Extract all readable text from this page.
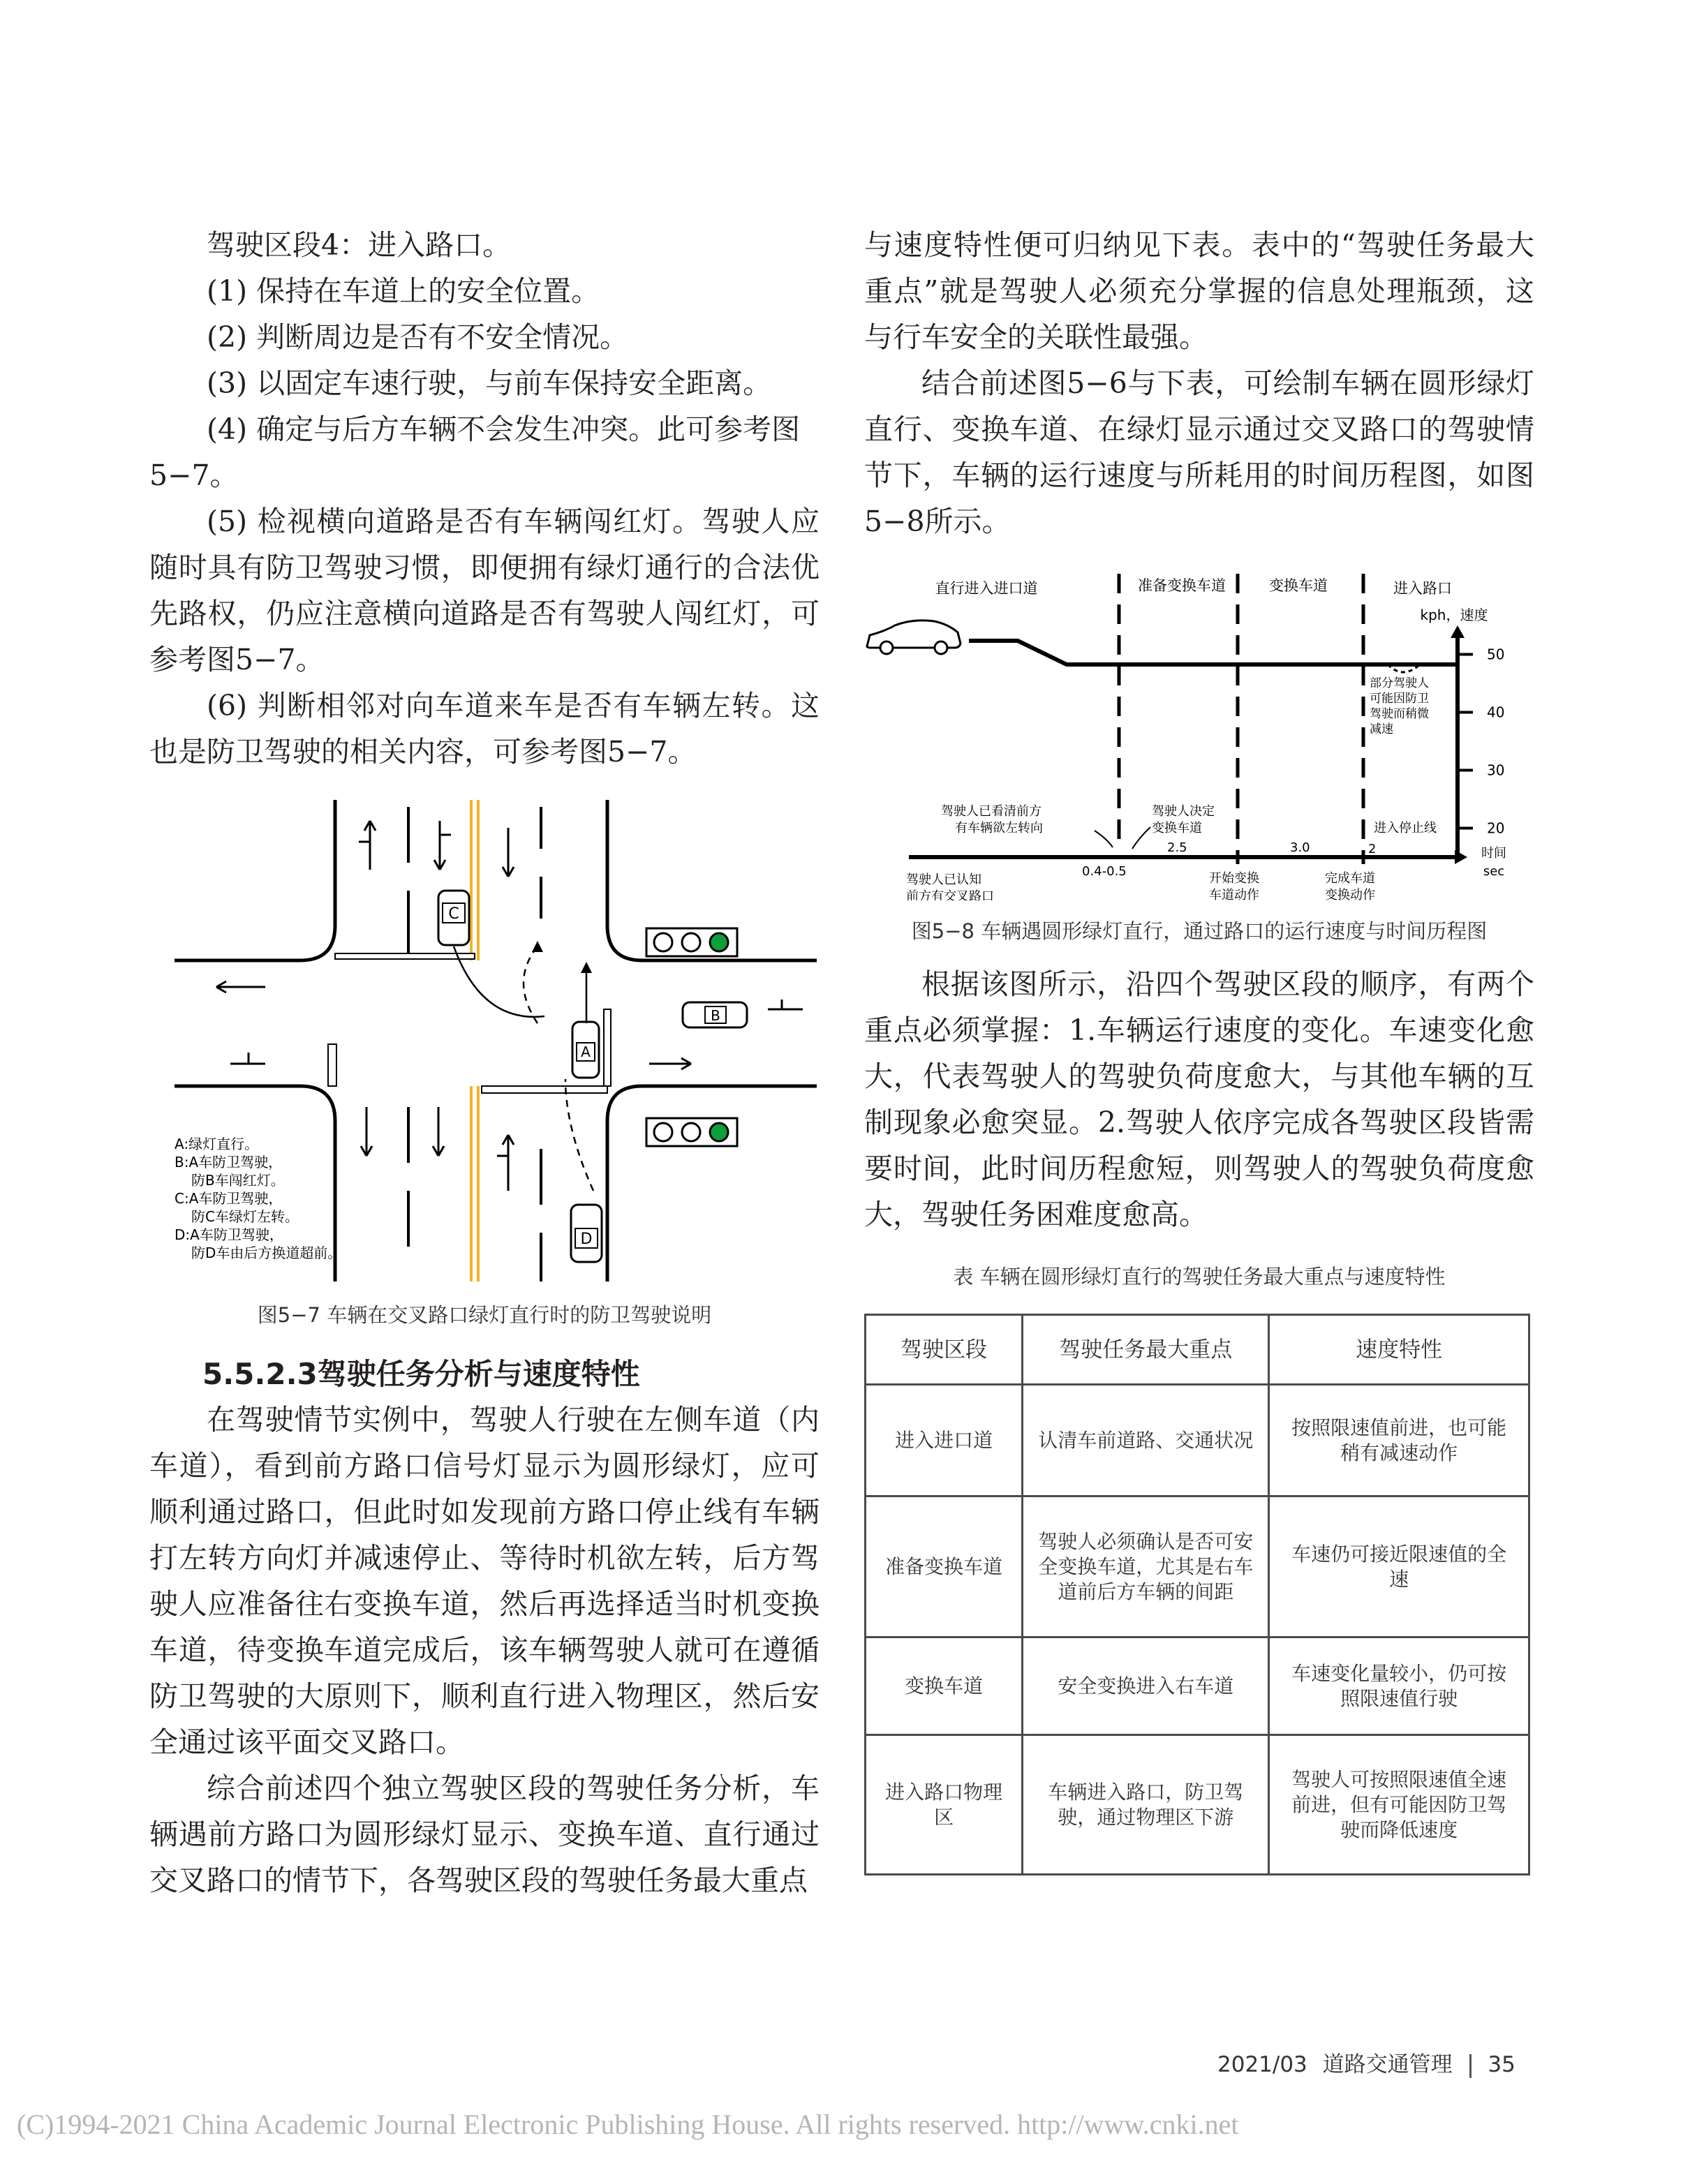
驾驶区段4：进入路口。
(1) 保持在车道上的安全位置。
(2) 判断周边是否有不安全情况。
(3) 以固定车速行驶，与前车保持安全距离。
(4) 确定与后方车辆不会发生冲突。此可参考图
5−7。
(5) 检视横向道路是否有车辆闯红灯。驾驶人应随时具有防卫驾驶习惯，即便拥有绿灯通行的合法优先路权，仍应注意横向道路是否有驾驶人闯红灯，可参考图5−7。
(6) 判断相邻对向车道来车是否有车辆左转。这也是防卫驾驶的相关内容，可参考图5−7。
C
B
A
D
A:绿灯直行。
B:A车防卫驾驶，
防B车闯红灯。
C:A车防卫驾驶，
防C车绿灯左转。
D:A车防卫驾驶，
防D车由后方换道超前。
图5−7 车辆在交叉路口绿灯直行时的防卫驾驶说明
5.5.2.3驾驶任务分析与速度特性
在驾驶情节实例中，驾驶人行驶在左侧车道（内车道），看到前方路口信号灯显示为圆形绿灯，应可顺利通过路口，但此时如发现前方路口停止线有车辆打左转方向灯并减速停止、等待时机欲左转，后方驾驶人应准备往右变换车道，然后再选择适当时机变换车道，待变换车道完成后，该车辆驾驶人就可在遵循防卫驾驶的大原则下，顺利直行进入物理区，然后安全通过该平面交叉路口。
综合前述四个独立驾驶区段的驾驶任务分析，车辆遇前方路口为圆形绿灯显示、变换车道、直行通过交叉路口的情节下，各驾驶区段的驾驶任务最大重点
与速度特性便可归纳见下表。表中的“驾驶任务最大重点”就是驾驶人必须充分掌握的信息处理瓶颈，这与行车安全的关联性最强。
结合前述图5−6与下表，可绘制车辆在圆形绿灯直行、变换车道、在绿灯显示通过交叉路口的驾驶情节下，车辆的运行速度与所耗用的时间历程图，如图5−8所示。
直行进入进口道	准备变换车道	变换车道	进入路口
kph，速度
50
40
30
20
部分驾驶人
可能因防卫
驾驶而稍微
减速
驾驶人已看清前方
有车辆欲左转向
驾驶人决定
变换车道
2.5	3.0
进入停止线
2
0.4-0.5
时间
sec
驾驶人已认知
前方有交叉路口
开始变换
车道动作
完成车道
变换动作
图5−8 车辆遇圆形绿灯直行，通过路口的运行速度与时间历程图
根据该图所示，沿四个驾驶区段的顺序，有两个重点必须掌握：1.车辆运行速度的变化。车速变化愈大，代表驾驶人的驾驶负荷度愈大，与其他车辆的互制现象必愈突显。2.驾驶人依序完成各驾驶区段皆需要时间，此时间历程愈短，则驾驶人的驾驶负荷度愈大，驾驶任务困难度愈高。
表 车辆在圆形绿灯直行的驾驶任务最大重点与速度特性
驾驶区段	驾驶任务最大重点	速度特性
进入进口道	认清车前道路、交通状况	按照限速值前进，也可能稍有减速动作
准备变换车道	驾驶人必须确认是否可安全变换车道，尤其是右车道前后方车辆的间距	车速仍可接近限速值的全速
变换车道	安全变换进入右车道	车速变化量较小，仍可按照限速值行驶
进入路口物理区	车辆进入路口，防卫驾驶，通过物理区下游	驾驶人可按照限速值全速前进，但有可能因防卫驾驶而降低速度
2021/03 道路交通管理 35
(C)1994-2021 China Academic Journal Electronic Publishing House. All rights reserved. http://www.cnki.net
